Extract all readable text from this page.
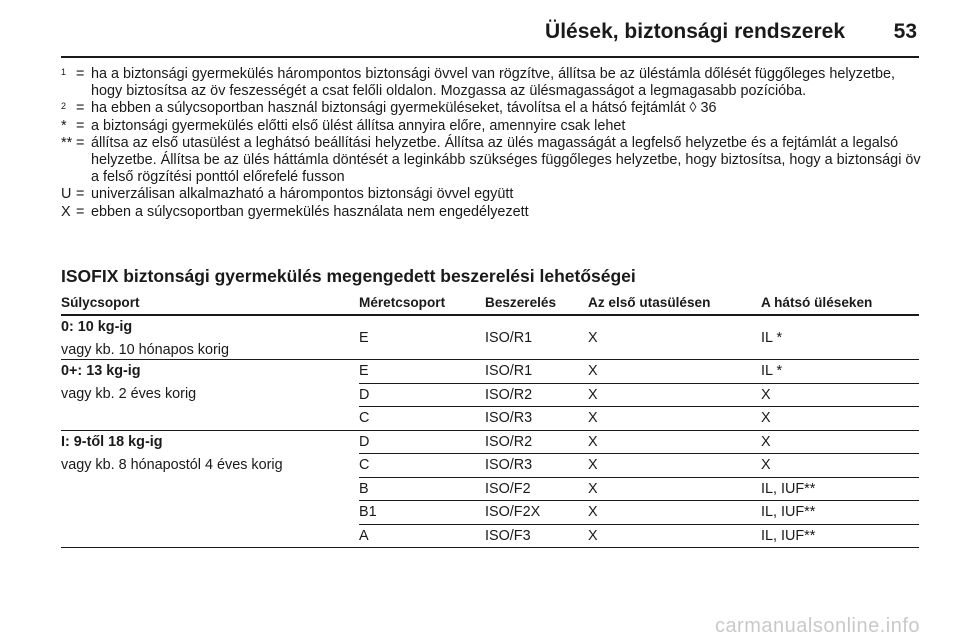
Ülések, biztonsági rendszerek 53
1 = ha a biztonsági gyermekülés hárompontos biztonsági övvel van rögzítve, állítsa be az üléstámla dőlését függőleges helyzetbe, hogy biztosítsa az öv feszességét a csat felőli oldalon. Mozgassa az ülésmagasságot a legmagasabb pozícióba.
2 = ha ebben a súlycsoportban használ biztonsági gyermeküléseket, távolítsa el a hátsó fejtámlát ◊ 36
* = a biztonsági gyermekülés előtti első ülést állítsa annyira előre, amennyire csak lehet
** = állítsa az első utasülést a leghátsó beállítási helyzetbe. Állítsa az ülés magasságát a legfelső helyzetbe és a fejtámlát a legalsó helyzetbe. Állítsa be az ülés háttámla döntését a leginkább szükséges függőleges helyzetbe, hogy biztosítsa, hogy a biztonsági öv a felső rögzítési ponttól előrefelé fusson
U = univerzálisan alkalmazható a hárompontos biztonsági övvel együtt
X = ebben a súlycsoportban gyermekülés használata nem engedélyezett
ISOFIX biztonsági gyermekülés megengedett beszerelési lehetőségei
Súlycsoport	Méretcsoport	Beszerelés	Az első utasülésen	A hátsó üléseken

0: 10 kg-ig
vagy kb. 10 hónapos korig	E	ISO/R1	X	IL *

0+: 13 kg-ig
vagy kb. 2 éves korig	E	ISO/R1	X	IL *
	D	ISO/R2	X	X
	C	ISO/R3	X	X

I: 9-től 18 kg-ig
vagy kb. 8 hónapostól 4 éves korig	D	ISO/R2	X	X
	C	ISO/R3	X	X
	B	ISO/F2	X	IL, IUF**
	B1	ISO/F2X	X	IL, IUF**
	A	ISO/F3	X	IL, IUF**
carmanualsonline.info
